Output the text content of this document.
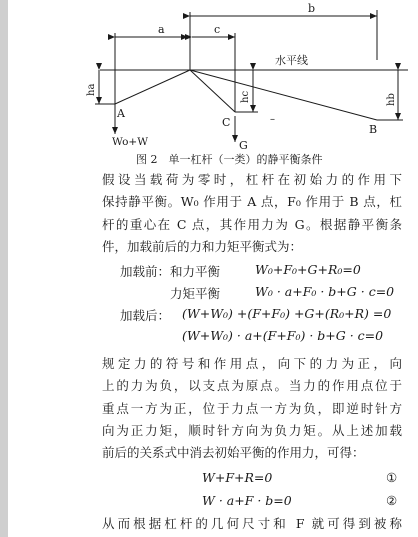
a
b
c
水平线
ha
hc	hb
A
B
C
G
Wo+W
–
图 2　单一杠杆（一类）的静平衡条件
假设当载荷为零时，杠杆在初始力的作用下
保持静平衡。W₀ 作用于 A 点，F₀ 作用于 B 点，杠
杆的重心在 C 点，其作用力为 G。根据静平衡条
件，加载前后的力和力矩平衡式为：
加载前：和力平衡	W₀+F₀+G+R₀=0
力矩平衡	W₀ · a+F₀ · b+G · c=0
加载后： (W+W₀) +(F+F₀) +G+(R₀+R) =0
(W+W₀) · a+(F+F₀) · b+G · c=0
规定力的符号和作用点，向下的力为正，向
上的力为负，以支点为原点。当力的作用点位于
重点一方为正，位于力点一方为负，即逆时针方
向为正力矩，顺时针方向为负力矩。从上述加载
前后的关系式中消去初始平衡的作用力，可得：
W+F+R=0	①
W · a+F · b=0	②
从而根据杠杆的几何尺寸和 F 就可得到被称
